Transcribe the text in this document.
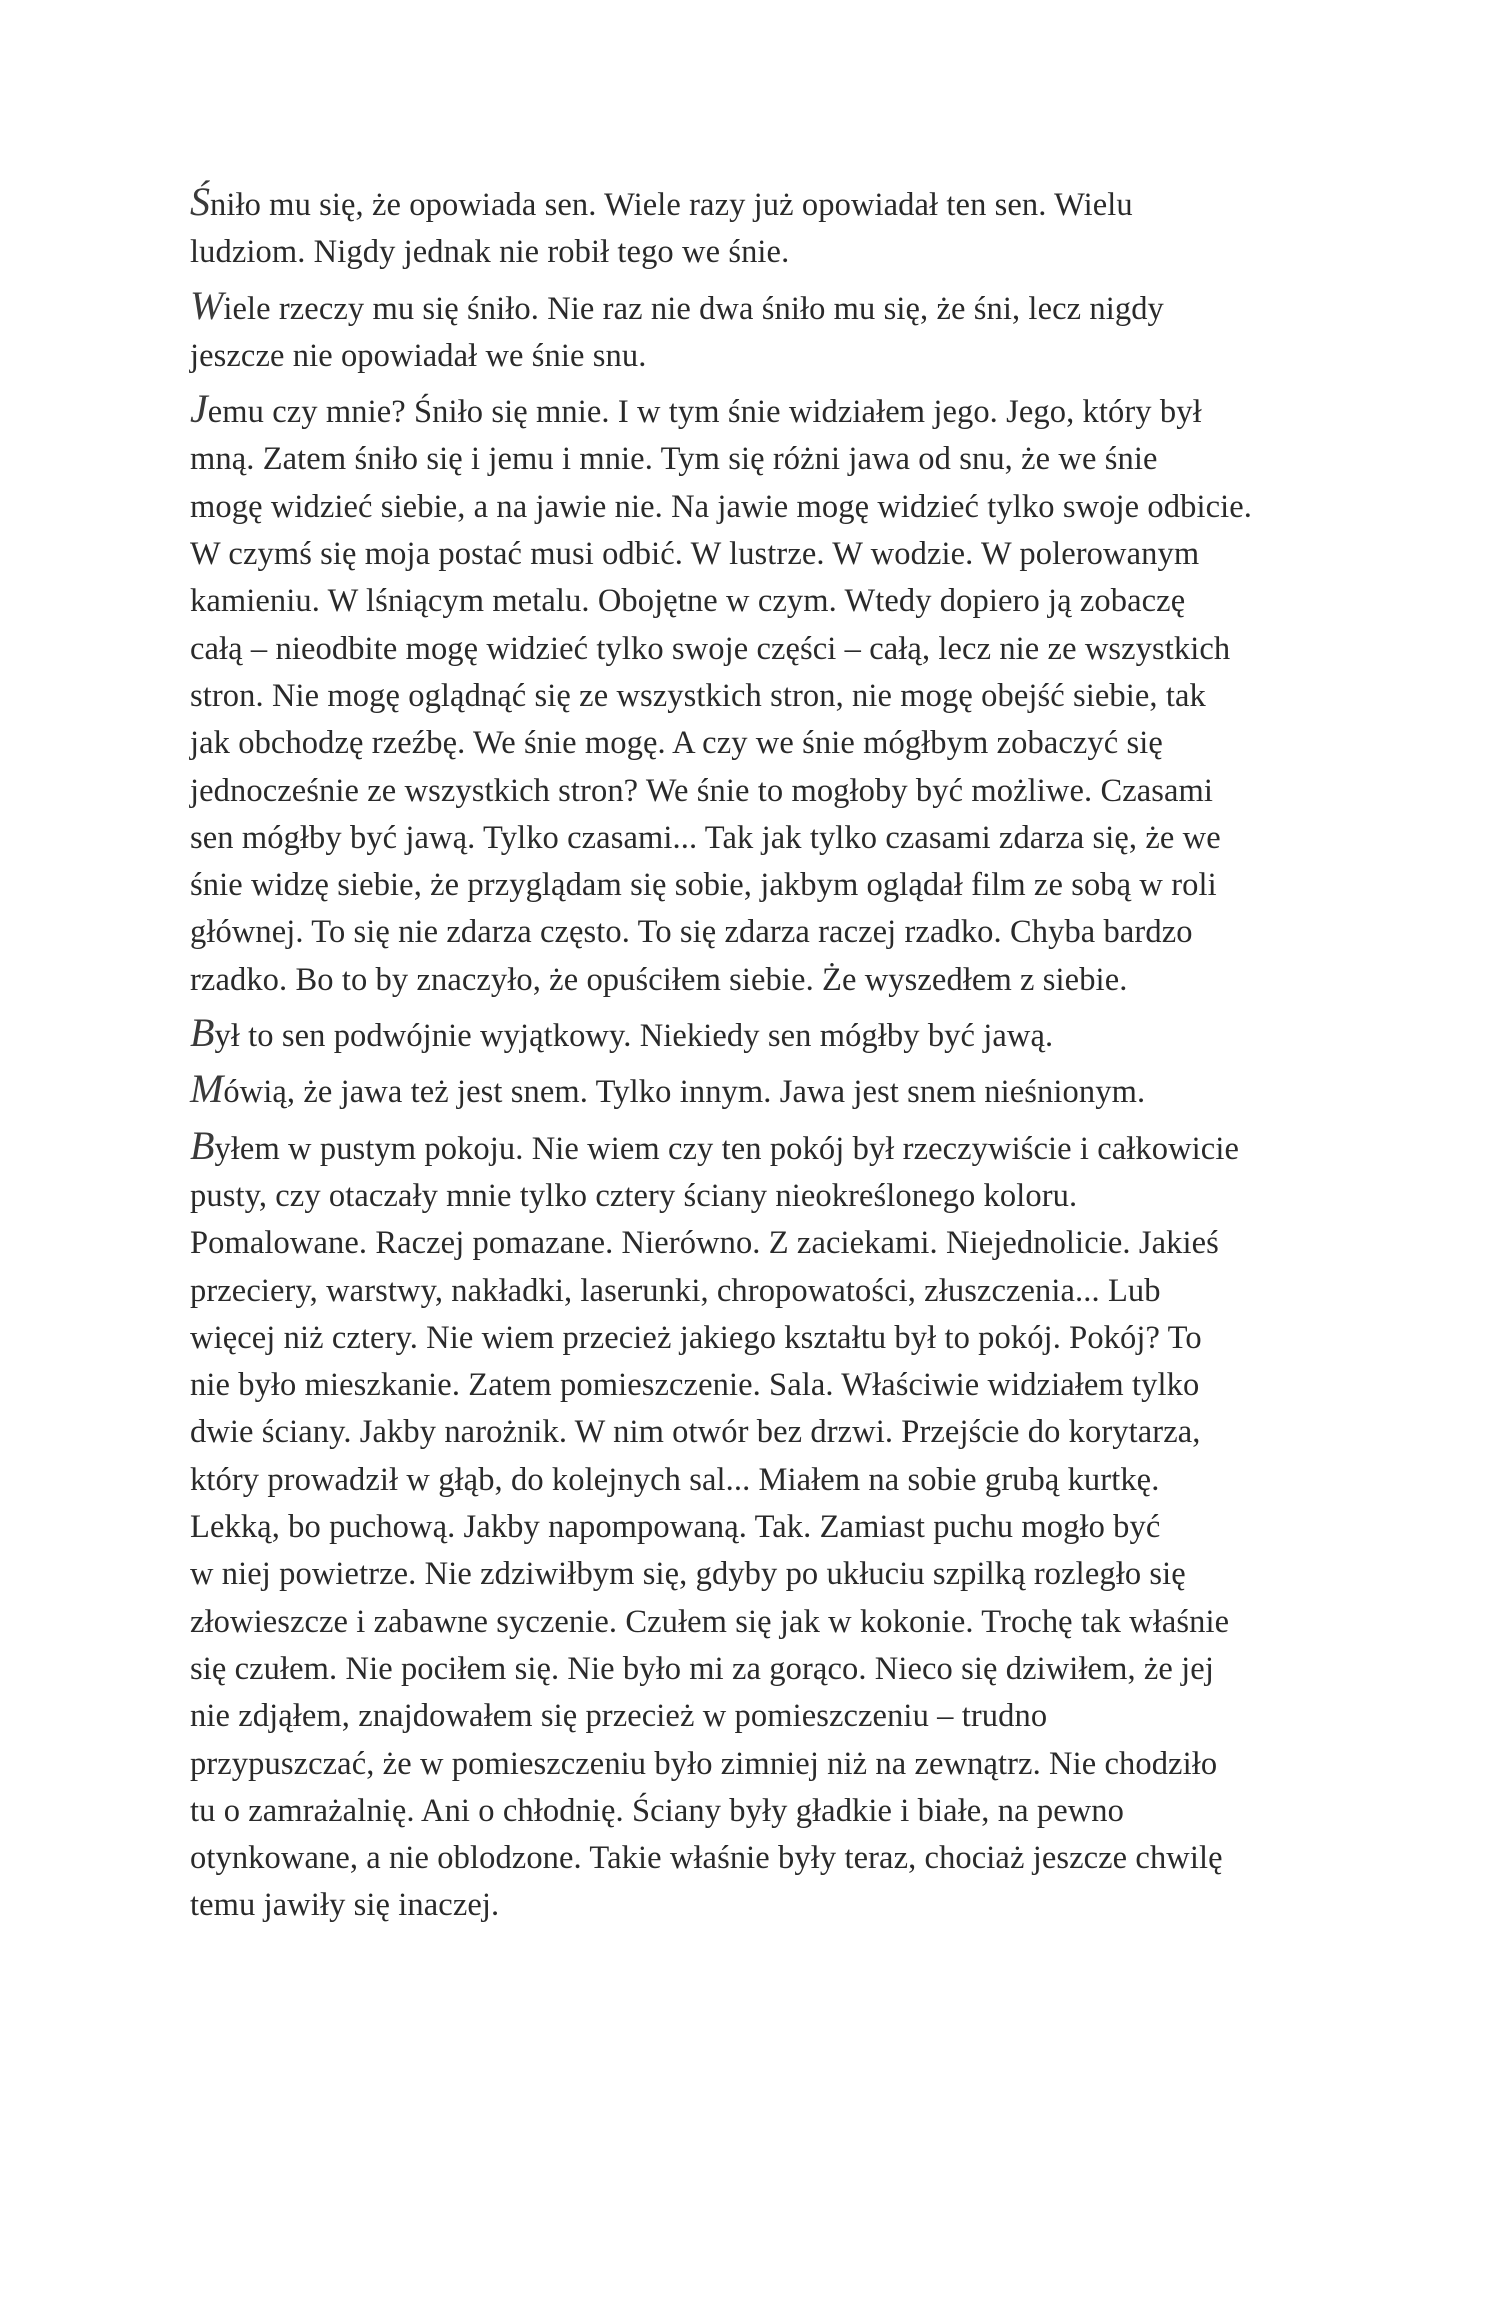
Śniło mu się, że opowiada sen. Wiele razy już opowiadał ten sen. Wielu
ludziom. Nigdy jednak nie robił tego we śnie.
Wiele rzeczy mu się śniło. Nie raz nie dwa śniło mu się, że śni, lecz nigdy
jeszcze nie opowiadał we śnie snu.
Jemu czy mnie? Śniło się mnie. I w tym śnie widziałem jego. Jego, który był
mną. Zatem śniło się i jemu i mnie. Tym się różni jawa od snu, że we śnie
mogę widzieć siebie, a na jawie nie. Na jawie mogę widzieć tylko swoje odbicie.
W czymś się moja postać musi odbić. W lustrze. W wodzie. W polerowanym
kamieniu. W lśniącym metalu. Obojętne w czym. Wtedy dopiero ją zobaczę
całą – nieodbite mogę widzieć tylko swoje części – całą, lecz nie ze wszystkich
stron. Nie mogę oglądnąć się ze wszystkich stron, nie mogę obejść siebie, tak
jak obchodzę rzeźbę. We śnie mogę. A czy we śnie mógłbym zobaczyć się
jednocześnie ze wszystkich stron? We śnie to mogłoby być możliwe. Czasami
sen mógłby być jawą. Tylko czasami... Tak jak tylko czasami zdarza się, że we
śnie widzę siebie, że przyglądam się sobie, jakbym oglądał film ze sobą w roli
głównej. To się nie zdarza często. To się zdarza raczej rzadko. Chyba bardzo
rzadko. Bo to by znaczyło, że opuściłem siebie. Że wyszedłem z siebie.
Był to sen podwójnie wyjątkowy. Niekiedy sen mógłby być jawą.
Mówią, że jawa też jest snem. Tylko innym. Jawa jest snem nieśnionym.
Byłem w pustym pokoju. Nie wiem czy ten pokój był rzeczywiście i całkowicie
pusty, czy otaczały mnie tylko cztery ściany nieokreślonego koloru.
Pomalowane. Raczej pomazane. Nierówno. Z zaciekami. Niejednolicie. Jakieś
przeciery, warstwy, nakładki, laserunki, chropowatości, złuszczenia... Lub
więcej niż cztery. Nie wiem przecież jakiego kształtu był to pokój. Pokój? To
nie było mieszkanie. Zatem pomieszczenie. Sala. Właściwie widziałem tylko
dwie ściany. Jakby narożnik. W nim otwór bez drzwi. Przejście do korytarza,
który prowadził w głąb, do kolejnych sal... Miałem na sobie grubą kurtkę.
Lekką, bo puchową. Jakby napompowaną. Tak. Zamiast puchu mogło być
w niej powietrze. Nie zdziwiłbym się, gdyby po ukłuciu szpilką rozległo się
złowieszcze i zabawne syczenie. Czułem się jak w kokonie. Trochę tak właśnie
się czułem. Nie pociłem się. Nie było mi za gorąco. Nieco się dziwiłem, że jej
nie zdjąłem, znajdowałem się przecież w pomieszczeniu – trudno
przypuszczać, że w pomieszczeniu było zimniej niż na zewnątrz. Nie chodziło
tu o zamrażalnię. Ani o chłodnię. Ściany były gładkie i białe, na pewno
otynkowane, a nie oblodzone. Takie właśnie były teraz, chociaż jeszcze chwilę
temu jawiły się inaczej.
